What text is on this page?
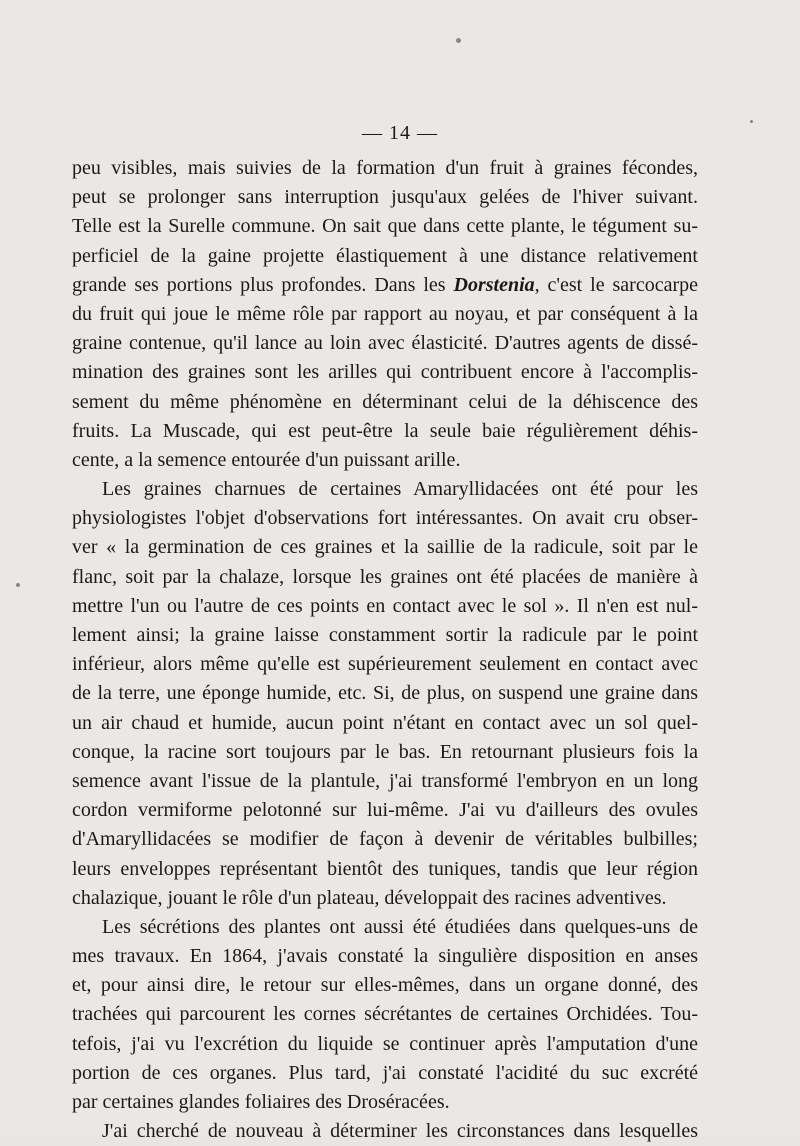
— 14 —
peu visibles, mais suivies de la formation d'un fruit à graines fécondes,
peut se prolonger sans interruption jusqu'aux gelées de l'hiver suivant.
Telle est la Surelle commune. On sait que dans cette plante, le tégument su-
perficiel de la gaine projette élastiquement à une distance relativement
grande ses portions plus profondes. Dans les Dorstenia, c'est le sarcocarpe
du fruit qui joue le même rôle par rapport au noyau, et par conséquent à la
graine contenue, qu'il lance au loin avec élasticité. D'autres agents de dissé-
mination des graines sont les arilles qui contribuent encore à l'accomplis-
sement du même phénomène en déterminant celui de la déhiscence des
fruits. La Muscade, qui est peut-être la seule baie régulièrement déhis-
cente, a la semence entourée d'un puissant arille.
Les graines charnues de certaines Amaryllidacées ont été pour les
physiologistes l'objet d'observations fort intéressantes. On avait cru obser-
ver « la germination de ces graines et la saillie de la radicule, soit par le
flanc, soit par la chalaze, lorsque les graines ont été placées de manière à
mettre l'un ou l'autre de ces points en contact avec le sol ». Il n'en est nul-
lement ainsi; la graine laisse constamment sortir la radicule par le point
inférieur, alors même qu'elle est supérieurement seulement en contact avec
de la terre, une éponge humide, etc. Si, de plus, on suspend une graine dans
un air chaud et humide, aucun point n'étant en contact avec un sol quel-
conque, la racine sort toujours par le bas. En retournant plusieurs fois la
semence avant l'issue de la plantule, j'ai transformé l'embryon en un long
cordon vermiforme pelotonné sur lui-même. J'ai vu d'ailleurs des ovules
d'Amaryllidacées se modifier de façon à devenir de véritables bulbilles;
leurs enveloppes représentant bientôt des tuniques, tandis que leur région
chalazique, jouant le rôle d'un plateau, développait des racines adventives.
Les sécrétions des plantes ont aussi été étudiées dans quelques-uns de
mes travaux. En 1864, j'avais constaté la singulière disposition en anses
et, pour ainsi dire, le retour sur elles-mêmes, dans un organe donné, des
trachées qui parcourent les cornes sécrétantes de certaines Orchidées. Tou-
tefois, j'ai vu l'excrétion du liquide se continuer après l'amputation d'une
portion de ces organes. Plus tard, j'ai constaté l'acidité du suc excrété
par certaines glandes foliaires des Droséracées.
J'ai cherché de nouveau à déterminer les circonstances dans lesquelles
